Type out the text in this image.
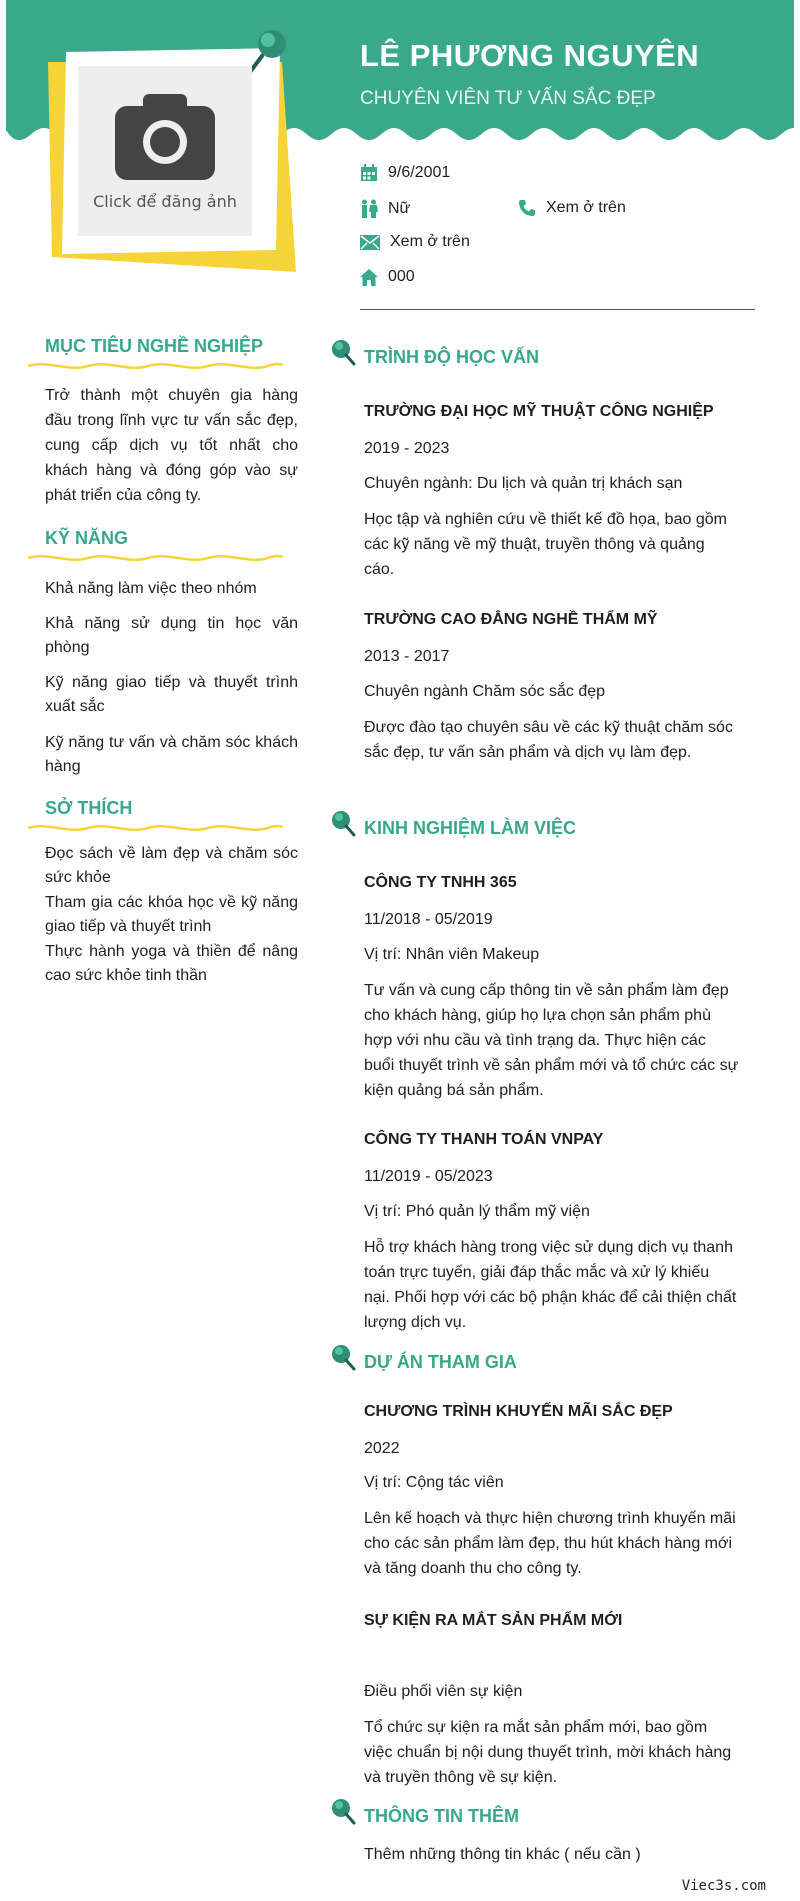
LÊ PHƯƠNG NGUYÊN
CHUYÊN VIÊN TƯ VẤN SẮC ĐẸP
Click để đăng ảnh
9/6/2001
Nữ	Xem ở trên
Xem ở trên
000
MỤC TIÊU NGHỀ NGHIỆP
Trở thành một chuyên gia hàng đầu trong lĩnh vực tư vấn sắc đẹp, cung cấp dịch vụ tốt nhất cho khách hàng và đóng góp vào sự phát triển của công ty.
KỸ NĂNG
Khả năng làm việc theo nhóm
Khả năng sử dụng tin học văn phòng
Kỹ năng giao tiếp và thuyết trình xuất sắc
Kỹ năng tư vấn và chăm sóc khách hàng
SỞ THÍCH
Đọc sách về làm đẹp và chăm sóc sức khỏe
Tham gia các khóa học về kỹ năng giao tiếp và thuyết trình
Thực hành yoga và thiền để nâng cao sức khỏe tinh thần
TRÌNH ĐỘ HỌC VẤN
TRƯỜNG ĐẠI HỌC MỸ THUẬT CÔNG NGHIỆP
2019 - 2023
Chuyên ngành: Du lịch và quản trị khách sạn
Học tập và nghiên cứu về thiết kế đồ họa, bao gồm các kỹ năng về mỹ thuật, truyền thông và quảng cáo.
TRƯỜNG CAO ĐẲNG NGHỀ THẨM MỸ
2013 - 2017
Chuyên ngành Chăm sóc sắc đẹp
Được đào tạo chuyên sâu về các kỹ thuật chăm sóc sắc đẹp, tư vấn sản phẩm và dịch vụ làm đẹp.
KINH NGHIỆM LÀM VIỆC
CÔNG TY TNHH 365
11/2018 - 05/2019
Vị trí: Nhân viên Makeup
Tư vấn và cung cấp thông tin về sản phẩm làm đẹp cho khách hàng, giúp họ lựa chọn sản phẩm phù hợp với nhu cầu và tình trạng da. Thực hiện các buổi thuyết trình về sản phẩm mới và tổ chức các sự kiện quảng bá sản phẩm.
CÔNG TY THANH TOÁN VNPAY
11/2019 - 05/2023
Vị trí: Phó quản lý thẩm mỹ viện
Hỗ trợ khách hàng trong việc sử dụng dịch vụ thanh toán trực tuyến, giải đáp thắc mắc và xử lý khiếu nại. Phối hợp với các bộ phận khác để cải thiện chất lượng dịch vụ.
DỰ ÁN THAM GIA
CHƯƠNG TRÌNH KHUYẾN MÃI SẮC ĐẸP
2022
Vị trí: Cộng tác viên
Lên kế hoạch và thực hiện chương trình khuyến mãi cho các sản phẩm làm đẹp, thu hút khách hàng mới và tăng doanh thu cho công ty.
SỰ KIỆN RA MẮT SẢN PHẨM MỚI
Điều phối viên sự kiện
Tổ chức sự kiện ra mắt sản phẩm mới, bao gồm việc chuẩn bị nội dung thuyết trình, mời khách hàng và truyền thông về sự kiện.
THÔNG TIN THÊM
Thêm những thông tin khác ( nếu cần )
Viec3s.com
